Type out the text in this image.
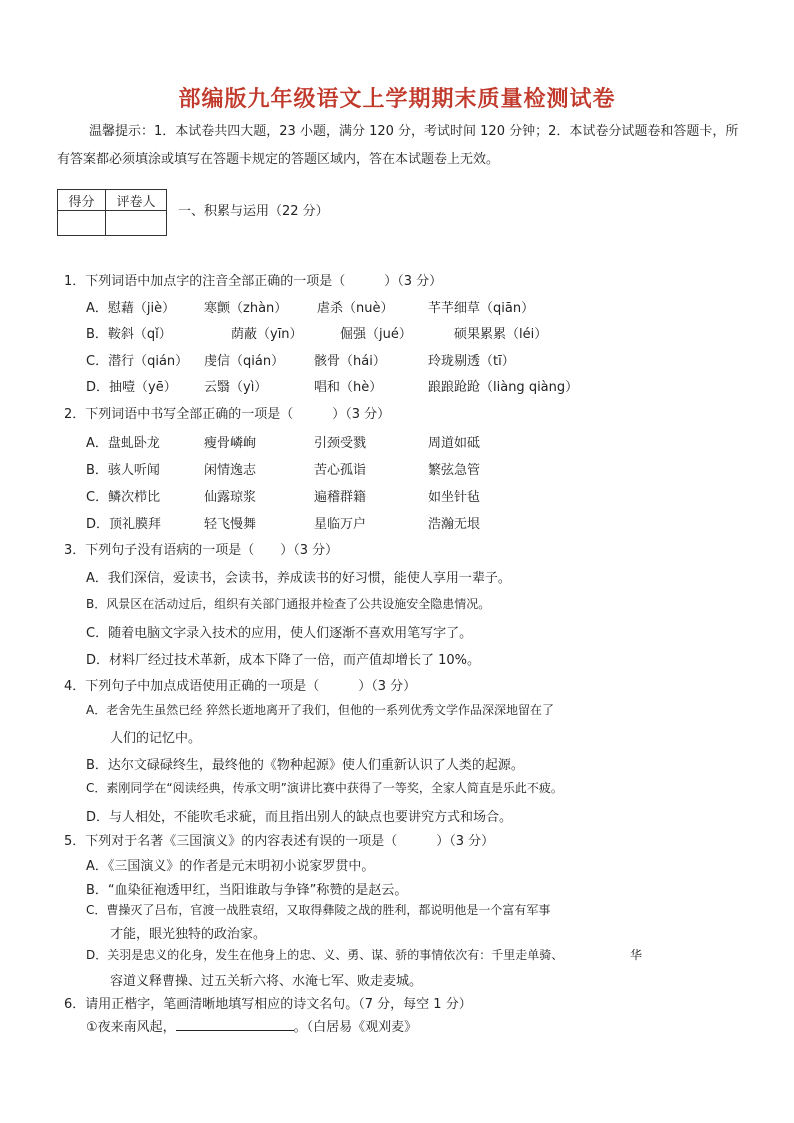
部编版九年级语文上学期期末质量检测试卷
温馨提示：1．本试卷共四大题，23 小题，满分 120 分，考试时间 120 分钟；2．本试卷分试题卷和答题卡，所有答案都必须填涂或填写在答题卡规定的答题区域内，答在本试题卷上无效。
得分	评卷人

一、积累与运用（22 分）
1．下列词语中加点字的注音全部正确的一项是（　　　）（3 分）
A．慰藉（jiè） 寒颤（zhàn） 虐杀（nuè）	芊芊细草（qiān）
B．鞍斜（qǐ）	荫蔽（yīn）	倔强（jué）	硕果累累（léi）
C．潜行（qián） 虔信（qián） 骸骨（hái）	玲珑剔透（tī）
D．抽噎（yē） 云翳（yì）	唱和（hè）	踉踉跄跄（liàng qiàng）
2．下列词语中书写全部正确的一项是（　　　）（3 分）
A．盘虬卧龙	瘦骨嶙峋	引颈受戮	周道如砥
B．骇人听闻	闲情逸志	苦心孤诣	繁弦急管
C．鳞次栉比	仙露琼浆	遍稽群籍	如坐针毡
D．顶礼膜拜	轻飞慢舞	星临万户	浩瀚无垠
3．下列句子没有语病的一项是（　　）（3 分）
A．我们深信，爱读书，会读书，养成读书的好习惯，能使人享用一辈子。
B．风景区在活动过后，组织有关部门通报并检查了公共设施安全隐患情况。
C．随着电脑文字录入技术的应用，使人们逐渐不喜欢用笔写字了。
D．材料厂经过技术革新，成本下降了一倍，而产值却增长了 10%。
4．下列句子中加点成语使用正确的一项是（　　　）（3 分）
A．老舍先生虽然已经 猝然长逝地离开了我们，但他的一系列优秀文学作品深深地留在了
人们的记忆中。
B．达尔文碌碌终生，最终他的《物种起源》使人们重新认识了人类的起源。
C．素刚同学在“阅读经典，传承文明”演讲比赛中获得了一等奖，全家人简直是乐此不疲。
D．与人相处，不能吹毛求疵，而且指出别人的缺点也要讲究方式和场合。
5．下列对于名著《三国演义》的内容表述有误的一项是（　　　）（3 分）
A．《三国演义》的作者是元末明初小说家罗贯中。
B．“血染征袍透甲红，当阳谁敢与争锋”称赞的是赵云。
C．曹操灭了吕布，官渡一战胜袁绍，又取得彝陵之战的胜利，都说明他是一个富有军事
才能，眼光独特的政治家。
D．关羽是忠义的化身，发生在他身上的忠、义、勇、谋、骄的事情依次有：千里走单骑、	华
容道义释曹操、过五关斩六将、水淹七军、败走麦城。
6．请用正楷字，笔画清晰地填写相应的诗文名句。（7 分，每空 1 分）
①夜来南风起，	。（白居易《观刈麦》
